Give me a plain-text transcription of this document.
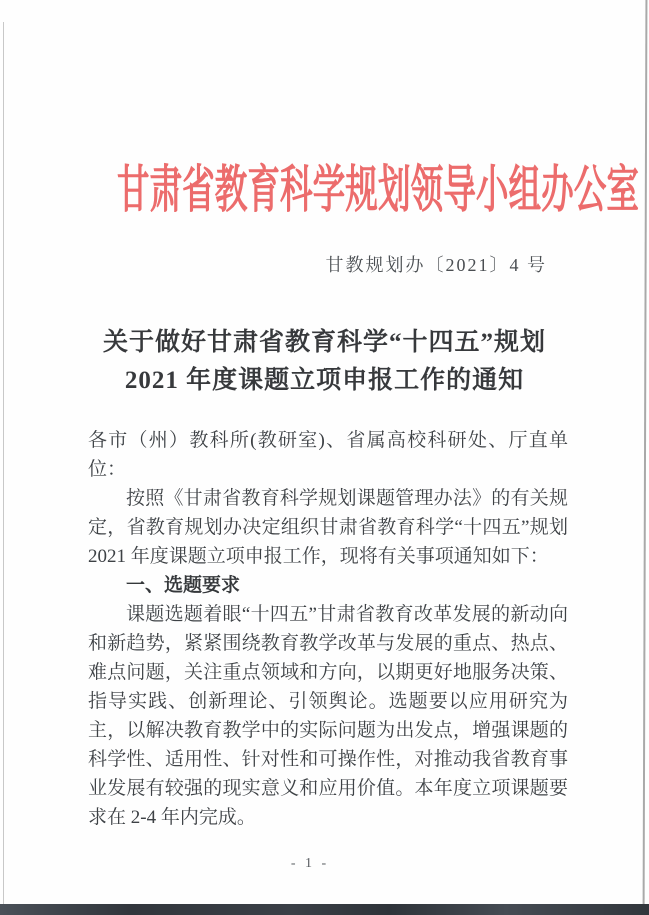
甘肃省教育科学规划领导小组办公室

甘教规划办〔2021〕4 号

关于做好甘肃省教育科学“十四五”规划
2021 年度课题立项申报工作的通知

各市（州）教科所(教研室)、省属高校科研处、厅直单位：

按照《甘肃省教育科学规划课题管理办法》的有关规定，省教育规划办决定组织甘肃省教育科学“十四五”规划 2021 年度课题立项申报工作，现将有关事项通知如下：

一、选题要求

课题选题着眼“十四五”甘肃省教育改革发展的新动向和新趋势，紧紧围绕教育教学改革与发展的重点、热点、难点问题，关注重点领域和方向，以期更好地服务决策、指导实践、创新理论、引领舆论。选题要以应用研究为主，以解决教育教学中的实际问题为出发点，增强课题的科学性、适用性、针对性和可操作性，对推动我省教育事业发展有较强的现实意义和应用价值。本年度立项课题要求在 2-4 年内完成。

- 1 -
